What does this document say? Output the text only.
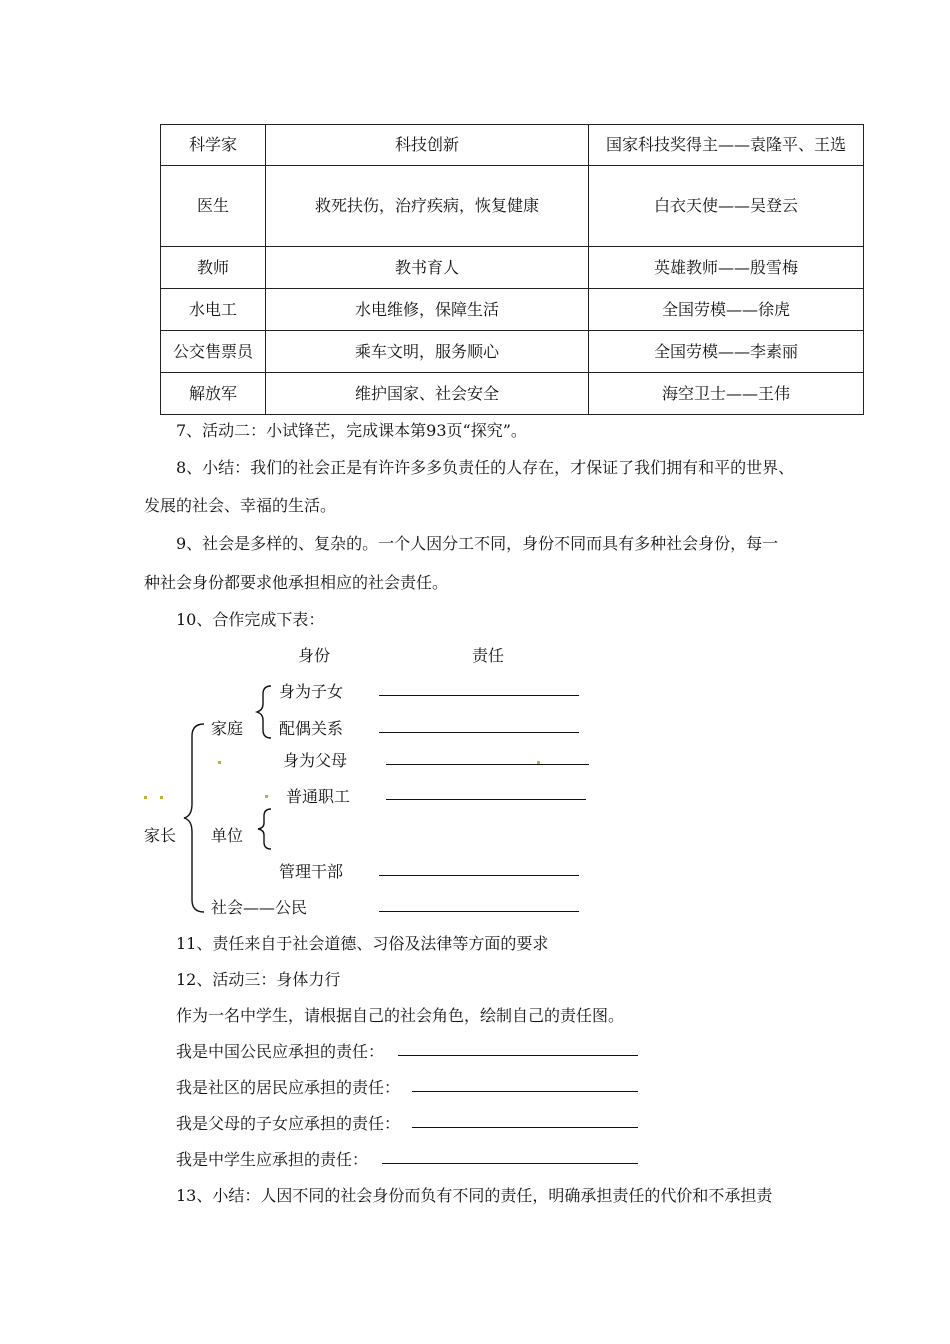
科学家	科技创新	国家科技奖得主——袁隆平、王选
医生	救死扶伤，治疗疾病，恢复健康	白衣天使——吴登云
教师	教书育人	英雄教师——殷雪梅
水电工	水电维修，保障生活	全国劳模——徐虎
公交售票员	乘车文明，服务顺心	全国劳模——李素丽
解放军	维护国家、社会安全	海空卫士——王伟
7、活动二：小试锋芒，完成课本第93页“探究”。
8、小结：我们的社会正是有许许多多负责任的人存在，才保证了我们拥有和平的世界、
发展的社会、幸福的生活。
9、社会是多样的、复杂的。一个人因分工不同，身份不同而具有多种社会身份，每一
种社会身份都要求他承担相应的社会责任。
10、合作完成下表：
身份	责任
身为子女
家庭 配偶关系
身为父母
普通职工
家长 单位
管理干部
社会——公民
11、责任来自于社会道德、习俗及法律等方面的要求
12、活动三：身体力行
作为一名中学生，请根据自己的社会角色，绘制自己的责任图。
我是中国公民应承担的责任：
我是社区的居民应承担的责任：
我是父母的子女应承担的责任：
我是中学生应承担的责任：
13、小结：人因不同的社会身份而负有不同的责任，明确承担责任的代价和不承担责
